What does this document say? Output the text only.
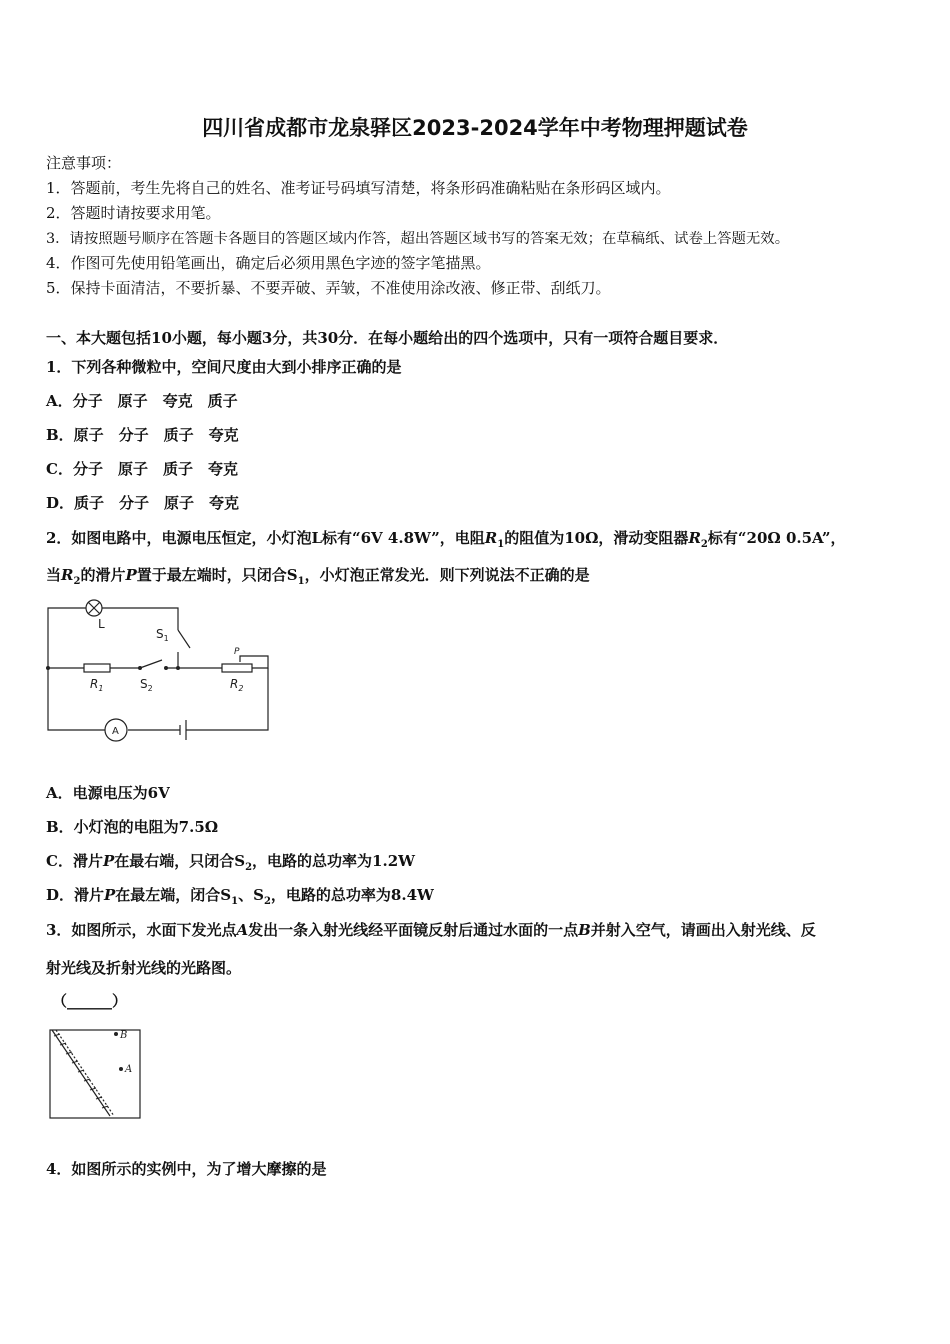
四川省成都市龙泉驿区2023-2024学年中考物理押题试卷
注意事项：
1．答题前，考生先将自己的姓名、准考证号码填写清楚，将条形码准确粘贴在条形码区域内。
2．答题时请按要求用笔。
3．请按照题号顺序在答题卡各题目的答题区域内作答，超出答题区域书写的答案无效；在草稿纸、试卷上答题无效。
4．作图可先使用铅笔画出，确定后必须用黑色字迹的签字笔描黑。
5．保持卡面清洁，不要折暴、不要弄破、弄皱，不准使用涂改液、修正带、刮纸刀。
一、本大题包括10小题，每小题3分，共30分．在每小题给出的四个选项中，只有一项符合题目要求．
1．下列各种微粒中，空间尺度由大到小排序正确的是
A．分子　原子　夸克　质子
B．原子　分子　质子　夸克
C．分子　原子　质子　夸克
D．质子　分子　原子　夸克
2．如图电路中，电源电压恒定，小灯泡L标有“6V 4.8W”，电阻$R_1$的阻值为10Ω，滑动变阻器$R_2$标有“20Ω 0.5A”，
当$R_2$的滑片P置于最左端时，只闭合$S_1$，小灯泡正常发光．则下列说法不正确的是
L
$S_1$
P
$R_1$	$S_2$	$R_2$
A
A．电源电压为6V
B．小灯泡的电阻为7.5Ω
C．滑片P在最右端，只闭合$S_2$，电路的总功率为1.2W
D．滑片P在最左端，闭合$S_1$、$S_2$，电路的总功率为8.4W
3．如图所示，水面下发光点A发出一条入射光线经平面镜反射后通过水面的一点B并射入空气，请画出入射光线、反
射光线及折射光线的光路图。
（______）
B
A
4．如图所示的实例中，为了增大摩擦的是
